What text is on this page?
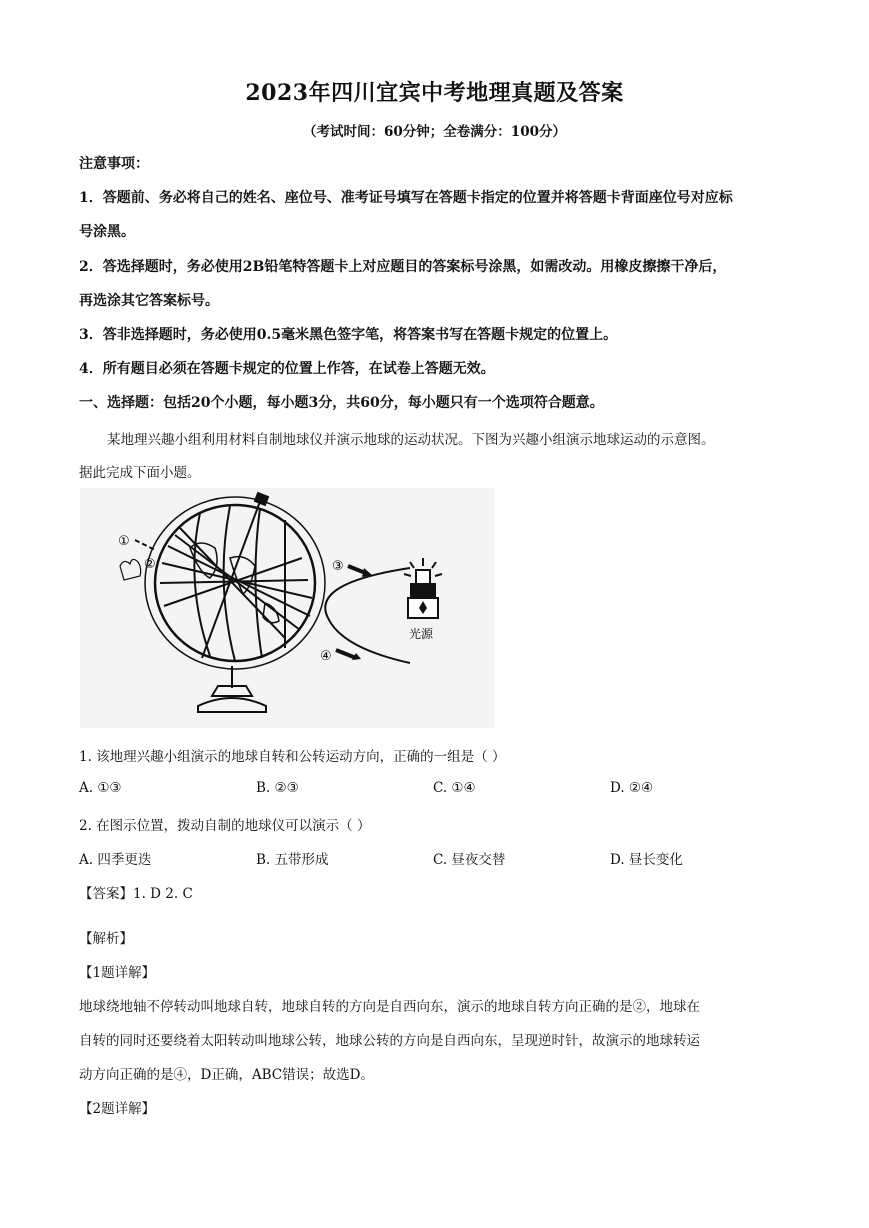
2023年四川宜宾中考地理真题及答案
（考试时间：60分钟；全卷满分：100分）
注意事项：
1．答题前、务必将自己的姓名、座位号、准考证号填写在答题卡指定的位置并将答题卡背面座位号对应标
号涂黑。
2．答选择题时，务必使用2B铅笔特答题卡上对应题目的答案标号涂黑，如需改动。用橡皮擦擦干净后，
再选涂其它答案标号。
3．答非选择题时，务必使用0.5毫米黑色签字笔，将答案书写在答题卡规定的位置上。
4．所有题目必须在答题卡规定的位置上作答，在试卷上答题无效。
一、选择题：包括20个小题，每小题3分，共60分，每小题只有一个选项符合题意。
某地理兴趣小组利用材料自制地球仪并演示地球的运动状况。下图为兴趣小组演示地球运动的示意图。
据此完成下面小题。
①
②	③
④
光源
1. 该地理兴趣小组演示的地球自转和公转运动方向，正确的一组是（ ）
A. ①③	B. ②③	C. ①④	D. ②④
2. 在图示位置，拨动自制的地球仪可以演示（ ）
A. 四季更迭	B. 五带形成	C. 昼夜交替	D. 昼长变化
【答案】1. D 2. C
【解析】
【1题详解】
地球绕地轴不停转动叫地球自转，地球自转的方向是自西向东，演示的地球自转方向正确的是②，地球在
自转的同时还要绕着太阳转动叫地球公转，地球公转的方向是自西向东，呈现逆时针，故演示的地球转运
动方向正确的是④，D正确，ABC错误；故选D。
【2题详解】
